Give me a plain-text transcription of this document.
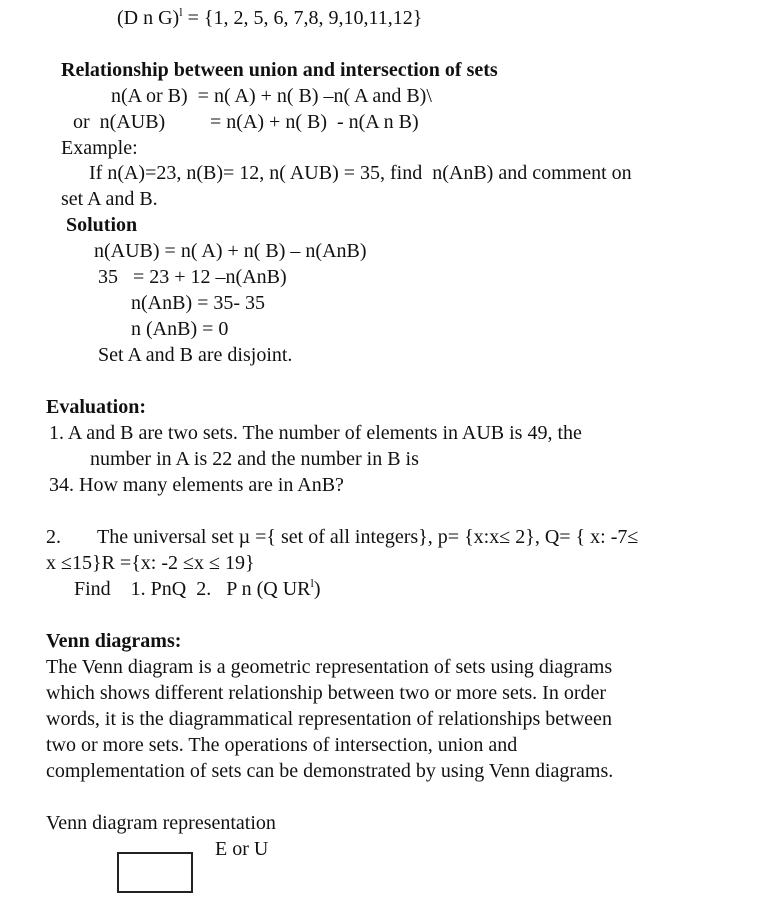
(D n G)$^l$ = {1, 2, 5, 6, 7,8, 9,10,11,12}

Relationship between union and intersection of sets

n(A or B)  = n( A) + n( B) –n( A and B)\

or  n(AUB) = n(A) + n( B)  - n(A n B)

Example:

If n(A)=23, n(B)= 12, n( AUB) = 35, find  n(AnB) and comment on

set A and B.

Solution

n(AUB) = n( A) + n( B) – n(AnB)

35   = 23 + 12 –n(AnB)

n(AnB) = 35- 35

n (AnB) = 0

Set A and B are disjoint.

Evaluation:

1. A and B are two sets. The number of elements in AUB is 49, the

number in A is 22 and the number in B is

34. How many elements are in AnB?

2. The universal set µ ={ set of all integers}, p= {x:x≤ 2}, Q= { x: -7≤

x ≤15}R ={x: -2 ≤x ≤ 19}

Find    1. PnQ  2.   P n (Q $UR^l$)

Venn diagrams:

The Venn diagram is a geometric representation of sets using diagrams

which shows different relationship between two or more sets. In order

words, it is the diagrammatical representation of relationships between

two or more sets. The operations of intersection, union and

complementation of sets can be demonstrated by using Venn diagrams.

Venn diagram representation

E or U
